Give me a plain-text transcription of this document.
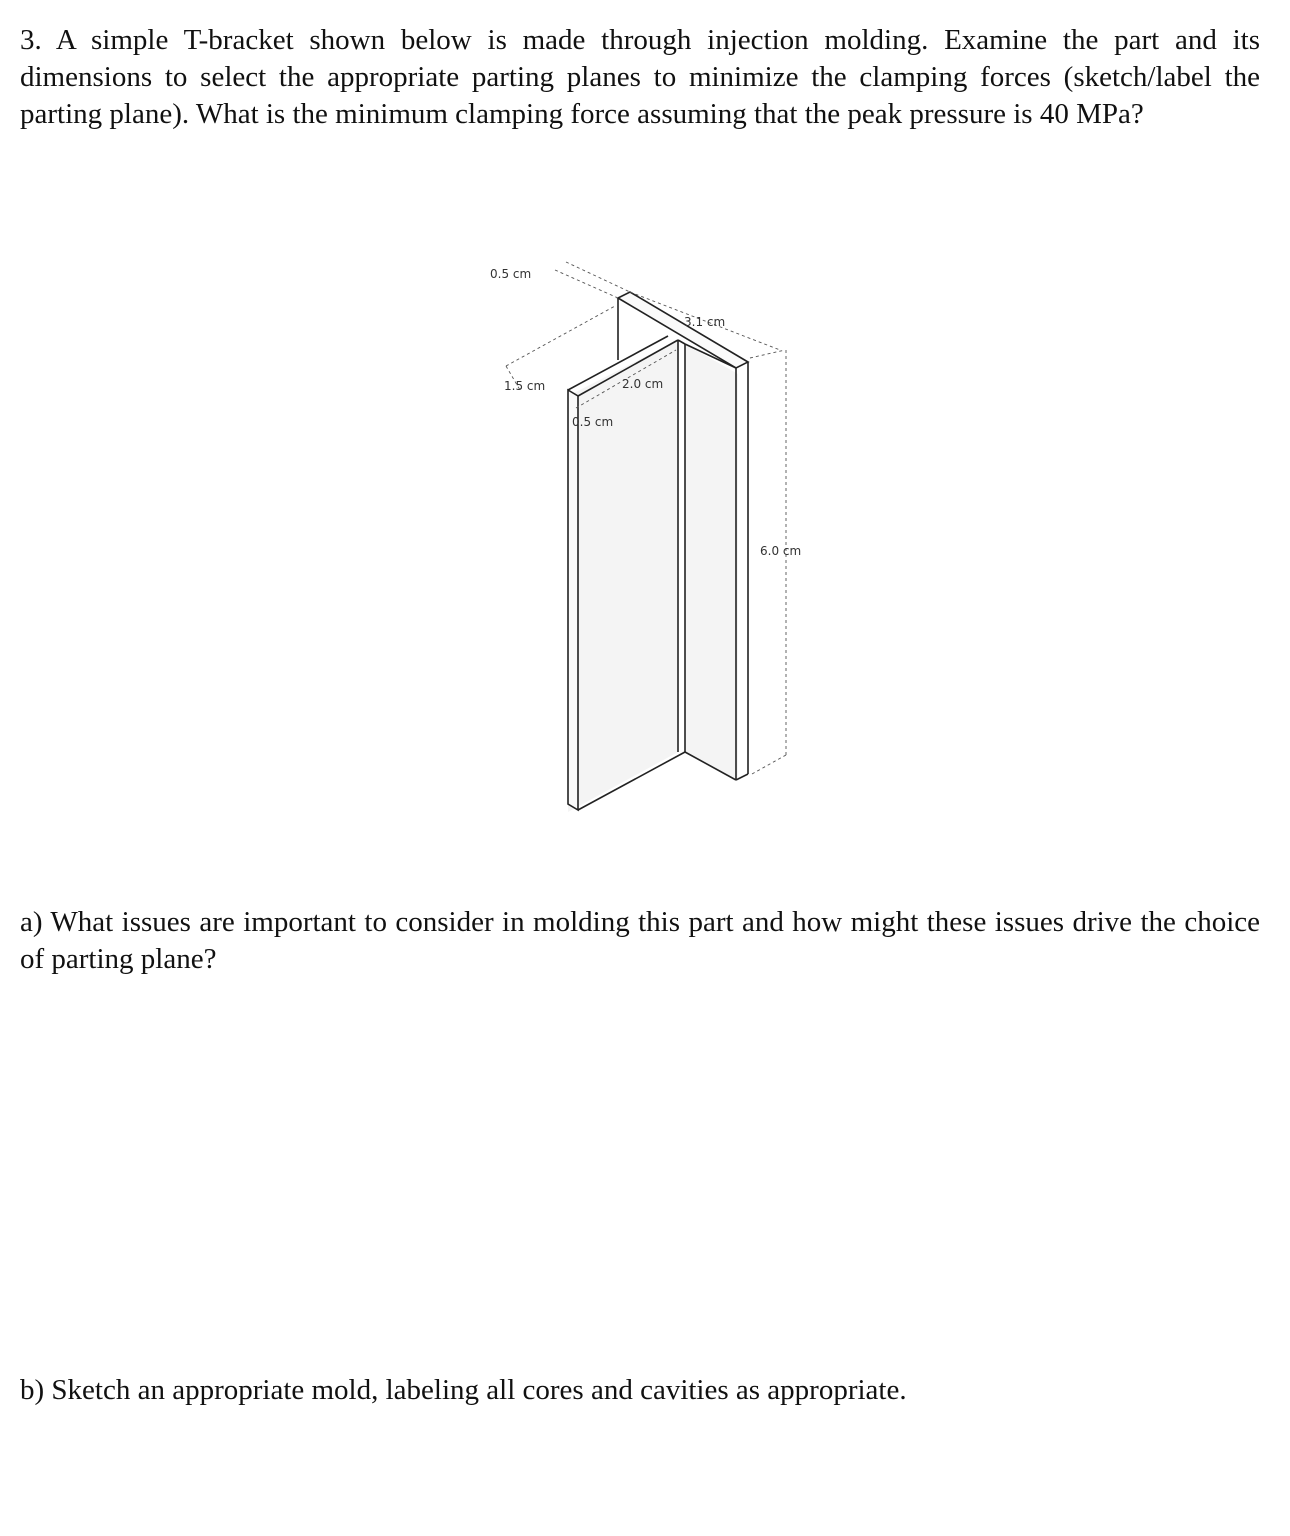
3. A simple T-bracket shown below is made through injection molding. Examine the part and its dimensions to select the appropriate parting planes to minimize the clamping forces (sketch/label the parting plane). What is the minimum clamping force assuming that the peak pressure is 40 MPa?

0.5 cm
3.1 cm
1.5 cm	2.0 cm
0.5 cm
6.0 cm

a) What issues are important to consider in molding this part and how might these issues drive the choice of parting plane?

b) Sketch an appropriate mold, labeling all cores and cavities as appropriate.
